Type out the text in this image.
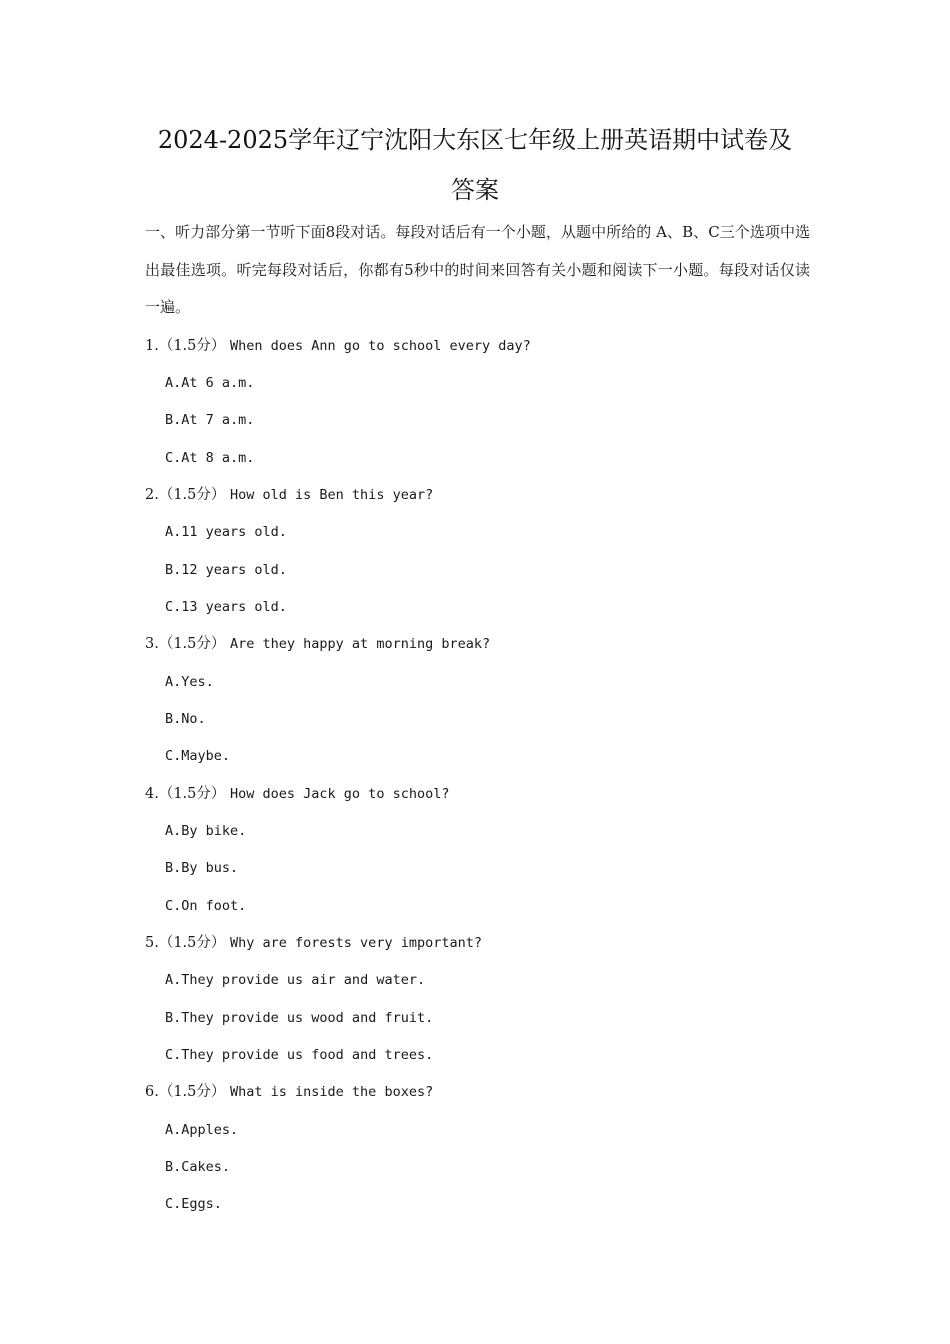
2024-2025学年辽宁沈阳大东区七年级上册英语期中试卷及
答案
一、听力部分第一节听下面8段对话。每段对话后有一个小题，从题中所给的 A、B、C三个选项中选出最佳选项。听完每段对话后，你都有5秒中的时间来回答有关小题和阅读下一小题。每段对话仅读一遍。
1.（1.5分） When does Ann go to school every day?
A.At 6 a.m.
B.At 7 a.m.
C.At 8 a.m.
2.（1.5分） How old is Ben this year?
A.11 years old.
B.12 years old.
C.13 years old.
3.（1.5分） Are they happy at morning break?
A.Yes.
B.No.
C.Maybe.
4.（1.5分） How does Jack go to school?
A.By bike.
B.By bus.
C.On foot.
5.（1.5分） Why are forests very important?
A.They provide us air and water.
B.They provide us wood and fruit.
C.They provide us food and trees.
6.（1.5分） What is inside the boxes?
A.Apples.
B.Cakes.
C.Eggs.
